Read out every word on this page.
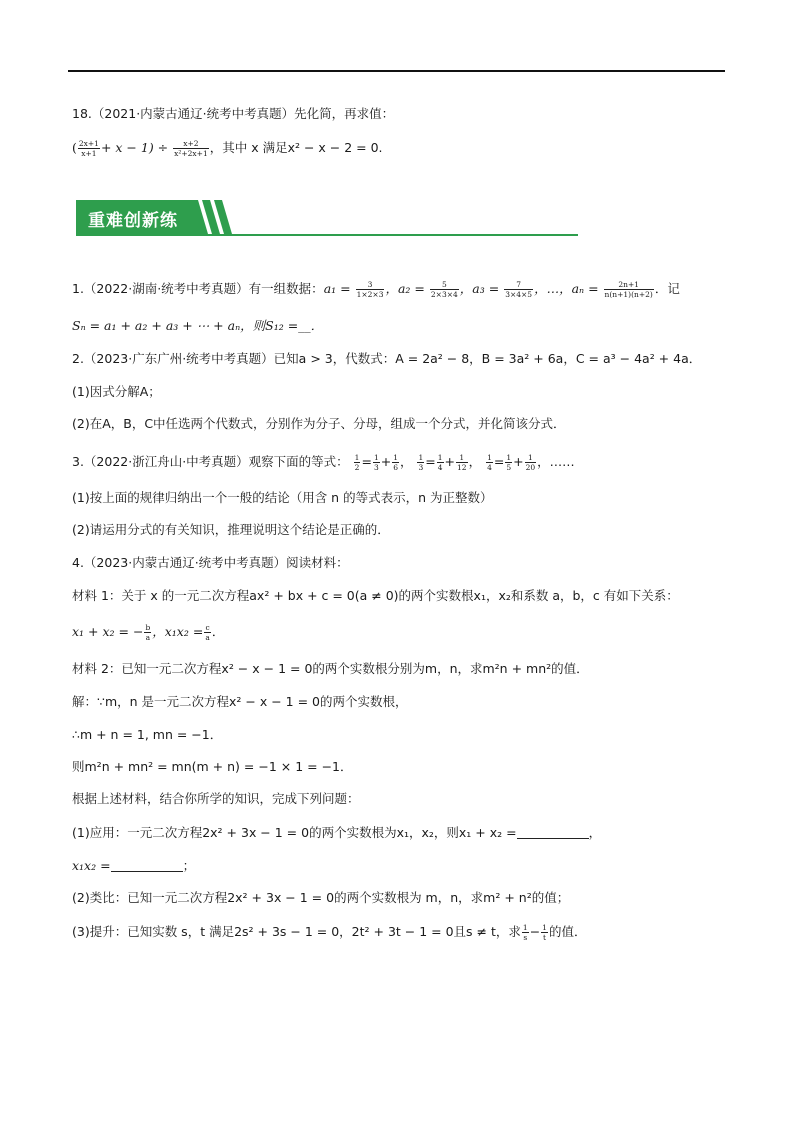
18.（2021·内蒙古通辽·统考中考真题）先化简，再求值：
( $\frac{2x+1}{x+1} + x - 1) \div \frac{x+2}{\text{x²+2x+1}}$ ，其中 x 满足x² − x − 2 = 0.
重难创新练
1.（2022·湖南·统考中考真题）有一组数据：$a_1 = \frac{3}{1\times 2\times 3}$ ，$a_2 = \frac{5}{2\times 3\times 4}$ ，$a_3 = \frac{7}{3\times 4\times 5}$ ，…，$a_n = \frac{2n+1}{n(n+1)(n+2)}$ ．记
Sₙ = a₁ + a₂ + a₃ + ⋯ + aₙ，则S₁₂ =__．
2.（2023·广东广州·统考中考真题）已知a > 3，代数式：A = 2a² − 8，B = 3a² + 6a，C = a³ − 4a² + 4a．
(1)因式分解A；
(2)在A，B，C中任选两个代数式，分别作为分子、分母，组成一个分式，并化简该分式．
3.（2022·浙江舟山·中考真题）观察下面的等式： $\frac{1}{2} = \frac{1}{3} + \frac{1}{6}$ ， $\frac{1}{3} = \frac{1}{4} + \frac{1}{12}$ ， $\frac{1}{4} = \frac{1}{5} + \frac{1}{20}$ ，……
(1)按上面的规律归纳出一个一般的结论（用含 n 的等式表示，n 为正整数）
(2)请运用分式的有关知识，推理说明这个结论是正确的．
4.（2023·内蒙古通辽·统考中考真题）阅读材料：
材料 1：关于 x 的一元二次方程ax² + bx + c = 0(a ≠ 0)的两个实数根x₁，x₂和系数 a，b，c 有如下关系：
x₁ + x₂ = − $\frac{b}{a}$ ，$x_1x_2 = \frac{c}{a}$ ．
材料 2：已知一元二次方程x² − x − 1 = 0的两个实数根分别为m，n，求m²n + mn²的值．
解：∵m，n 是一元二次方程x² − x − 1 = 0的两个实数根，
∴m + n = 1, mn = −1．
则m²n + mn² = mn(m + n) = −1 × 1 = −1．
根据上述材料，结合你所学的知识，完成下列问题：
(1)应用：一元二次方程2x² + 3x − 1 = 0的两个实数根为x₁，x₂，则x₁ + x₂ =	，
x₁x₂ =	；
(2)类比：已知一元二次方程2x² + 3x − 1 = 0的两个实数根为 m，n，求m² + n²的值；
(3)提升：已知实数 s，t 满足2s² + 3s − 1 = 0，2t² + 3t − 1 = 0且s ≠ t，求 $\frac{1}{s} - \frac{1}{t}$ 的值．
